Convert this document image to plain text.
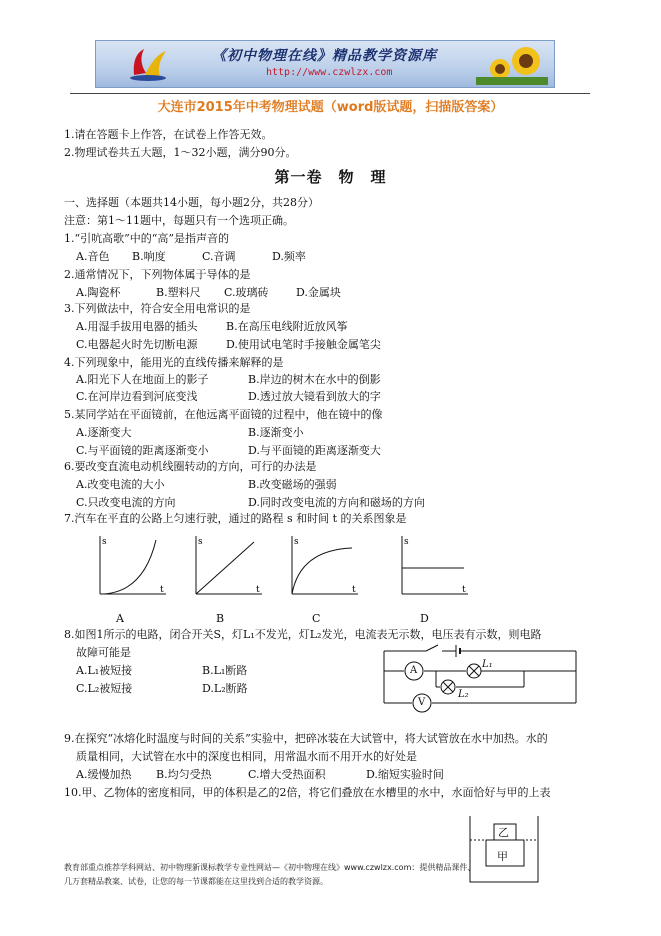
《初中物理在线》精品教学资源库
http://www.czwlzx.com
大连市2015年中考物理试题（word版试题，扫描版答案）
1.请在答题卡上作答，在试卷上作答无效。
2.物理试卷共五大题，1～32小题，满分90分。
第一卷　物　理
一、选择题（本题共14小题，每小题2分，共28分）
注意：第1～11题中，每题只有一个选项正确。
1.“引吭高歌”中的“高”是指声音的
A.音色 B.响度	C.音调	D.频率
2.通常情况下，下列物体属于导体的是
A.陶瓷杯	B.塑料尺 C.玻璃砖 D.金属块
3.下列做法中，符合安全用电常识的是
A.用湿手拔用电器的插头	B.在高压电线附近放风筝
C.电器起火时先切断电源	D.使用试电笔时手接触金属笔尖
4.下列现象中，能用光的直线传播来解释的是
A.阳光下人在地面上的影子	B.岸边的树木在水中的倒影
C.在河岸边看到河底变浅	D.透过放大镜看到放大的字
5.某同学站在平面镜前，在他远离平面镜的过程中，他在镜中的像
A.逐渐变大	B.逐渐变小
C.与平面镜的距离逐渐变小	D.与平面镜的距离逐渐变大
6.要改变直流电动机线圈转动的方向，可行的办法是
A.改变电流的大小	B.改变磁场的强弱
C.只改变电流的方向	D.同时改变电流的方向和磁场的方向
7.汽车在平直的公路上匀速行驶，通过的路程 s 和时间 t 的关系图象是
s
t
s
t
s
t
s
t
A	B	C	D
8.如图1所示的电路，闭合开关S，灯L₁不发光，灯L₂发光，电流表无示数，电压表有示数，则电路
故障可能是
A.L₁被短接	B.L₁断路
C.L₂被短接	D.L₂断路
A
V
L₁
L₂
9.在探究“冰熔化时温度与时间的关系”实验中，把碎冰装在大试管中，将大试管放在水中加热。水的
质量相同，大试管在水中的深度也相同，用常温水而不用开水的好处是
A.缓慢加热 B.均匀受热	C.增大受热面积	D.缩短实验时间
10.甲、乙物体的密度相同，甲的体积是乙的2倍，将它们叠放在水槽里的水中，水面恰好与甲的上表
乙
甲
教育部重点推荐学科网站、初中物理新课标教学专业性网站—《初中物理在线》www.czwlzx.com：提供精品课件、
几万套精品教案、试卷，让您的每一节课都能在这里找到合适的教学资源。
